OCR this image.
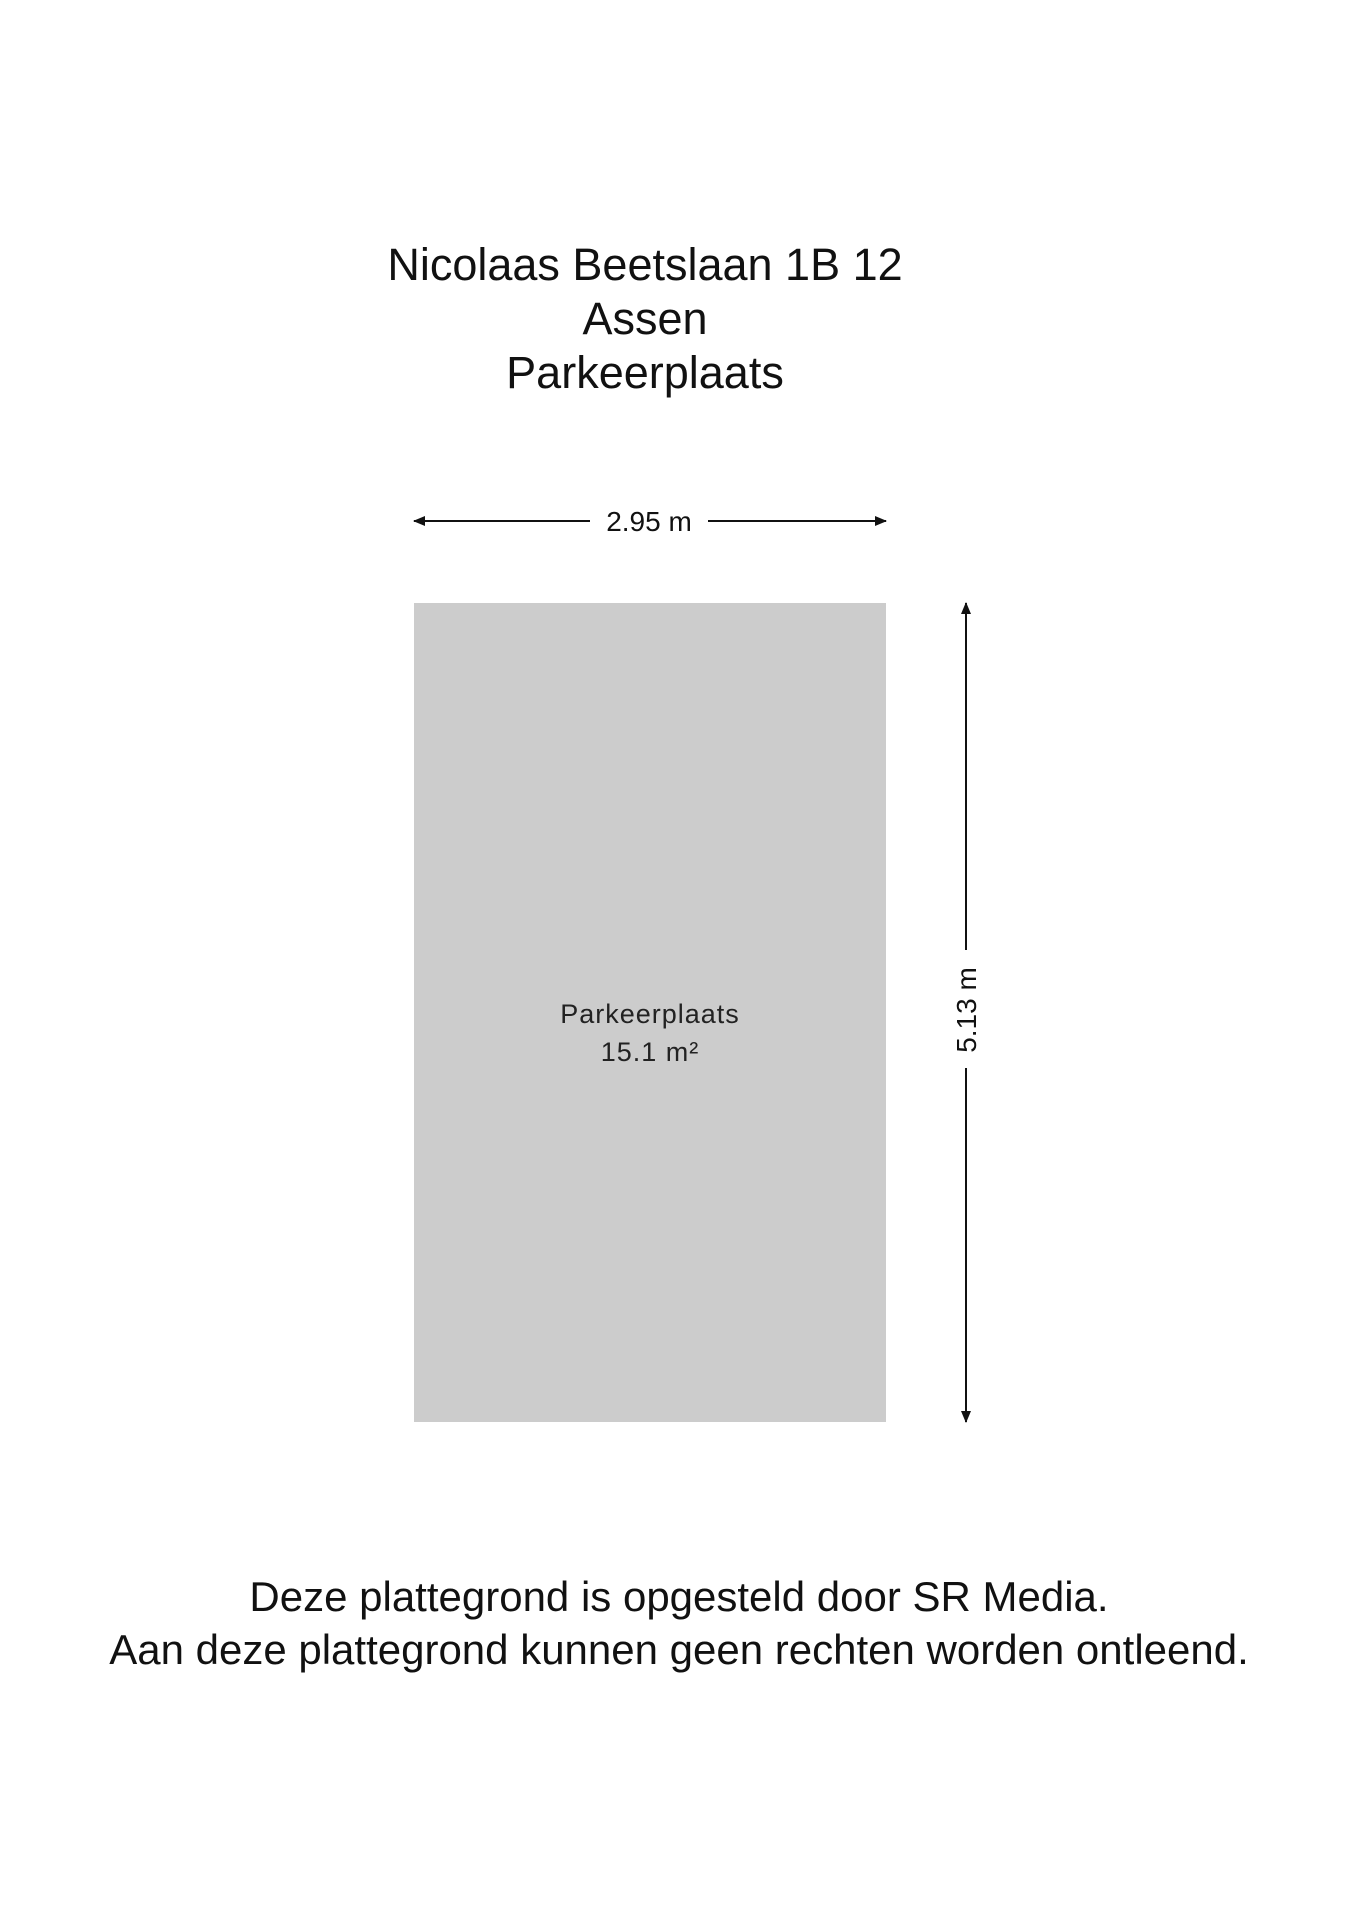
Nicolaas Beetslaan 1B 12
Assen
Parkeerplaats
2.95 m
Parkeerplaats
15.1 m²	5.13 m
Deze plattegrond is opgesteld door SR Media.
Aan deze plattegrond kunnen geen rechten worden ontleend.
